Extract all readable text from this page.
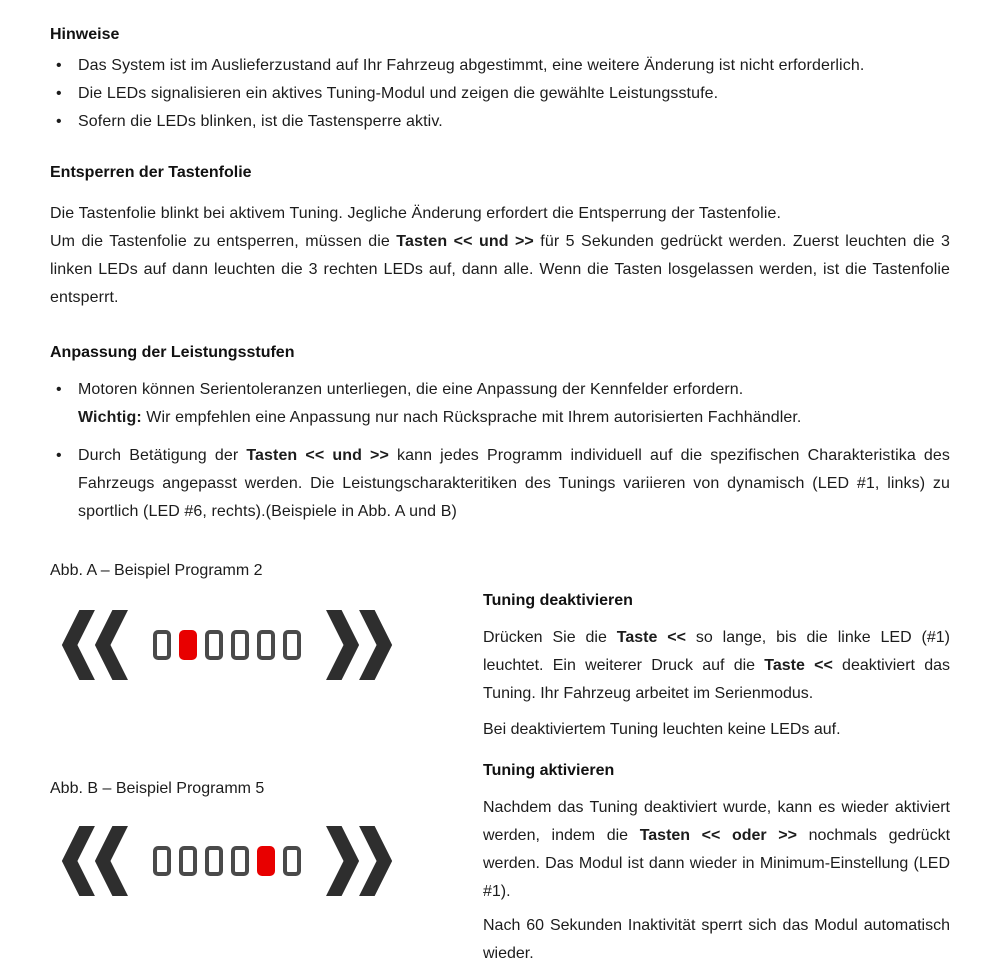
Hinweise
• Das System ist im Auslieferzustand auf Ihr Fahrzeug abgestimmt, eine weitere Änderung ist nicht erforderlich.
• Die LEDs signalisieren ein aktives Tuning-Modul und zeigen die gewählte Leistungsstufe.
• Sofern die LEDs blinken, ist die Tastensperre aktiv.
Entsperren der Tastenfolie
Die Tastenfolie blinkt bei aktivem Tuning. Jegliche Änderung erfordert die Entsperrung der Tastenfolie.

Um die Tastenfolie zu entsperren, müssen die Tasten << und >> für 5 Sekunden gedrückt werden. Zuerst leuchten die 3 linken LEDs auf dann leuchten die 3 rechten LEDs auf, dann alle. Wenn die Tasten losgelassen werden, ist die Tastenfolie entsperrt.

Anpassung der Leistungsstufen
• Motoren können Serientoleranzen unterliegen, die eine Anpassung der Kennfelder erfordern.
Wichtig: Wir empfehlen eine Anpassung nur nach Rücksprache mit Ihrem autorisierten Fachhändler.
• Durch Betätigung der Tasten << und >> kann jedes Programm individuell auf die spezifischen Charakteristika des Fahrzeugs angepasst werden. Die Leistungscharakteritiken des Tunings variieren von dynamisch (LED #1, links) zu sportlich (LED #6, rechts).(Beispiele in Abb. A und B)
Abb. A – Beispiel Programm 2
Abb. B – Beispiel Programm 5
Tuning deaktivieren

Drücken Sie die Taste << so lange, bis die linke LED (#1) leuchtet. Ein weiterer Druck auf die Taste << deaktiviert das Tuning. Ihr Fahrzeug arbeitet im Serienmodus.

Bei deaktiviertem Tuning leuchten keine LEDs auf.

Tuning aktivieren

Nachdem das Tuning deaktiviert wurde, kann es wieder aktiviert werden, indem die Tasten << oder >> nochmals gedrückt werden. Das Modul ist dann wieder in Minimum-Einstellung (LED #1).

Nach 60 Sekunden Inaktivität sperrt sich das Modul automatisch wieder.
